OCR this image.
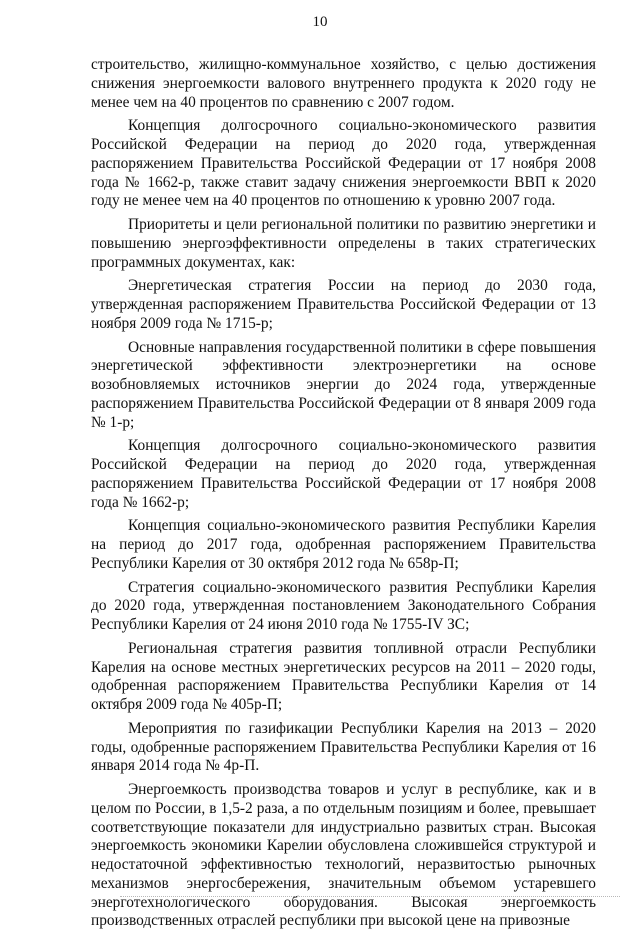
10

строительство, жилищно-коммунальное хозяйство, с целью достижения снижения энергоемкости валового внутреннего продукта к 2020 году не менее чем на 40 процентов по сравнению с 2007 годом.

Концепция долгосрочного социально-экономического развития Российской Федерации на период до 2020 года, утвержденная распоряжением Правительства Российской Федерации от 17 ноября 2008 года № 1662-р, также ставит задачу снижения энергоемкости ВВП к 2020 году не менее чем на 40 процентов по отношению к уровню 2007 года.

Приоритеты и цели региональной политики по развитию энергетики и повышению энергоэффективности определены в таких стратегических программных документах, как:

Энергетическая стратегия России на период до 2030 года, утвержденная распоряжением Правительства Российской Федерации от 13 ноября 2009 года № 1715-р;

Основные направления государственной политики в сфере повышения энергетической эффективности электроэнергетики на основе возобновляемых источников энергии до 2024 года, утвержденные распоряжением Правительства Российской Федерации от 8 января 2009 года № 1-р;

Концепция долгосрочного социально-экономического развития Российской Федерации на период до 2020 года, утвержденная распоряжением Правительства Российской Федерации от 17 ноября 2008 года № 1662-р;

Концепция социально-экономического развития Республики Карелия на период до 2017 года, одобренная распоряжением Правительства Республики Карелия от 30 октября 2012 года № 658р-П;

Стратегия социально-экономического развития Республики Карелия до 2020 года, утвержденная постановлением Законодательного Собрания Республики Карелия от 24 июня 2010 года № 1755-IV ЗС;

Региональная стратегия развития топливной отрасли Республики Карелия на основе местных энергетических ресурсов на 2011 – 2020 годы, одобренная распоряжением Правительства Республики Карелия от 14 октября 2009 года № 405р-П;

Мероприятия по газификации Республики Карелия на 2013 – 2020 годы, одобренные распоряжением Правительства Республики Карелия от 16 января 2014 года № 4р-П.

Энергоемкость производства товаров и услуг в республике, как и в целом по России, в 1,5-2 раза, а по отдельным позициям и более, превышает соответствующие показатели для индустриально развитых стран. Высокая энергоемкость экономики Карелии обусловлена сложившейся структурой и недостаточной эффективностью технологий, неразвитостью рыночных механизмов энергосбережения, значительным объемом устаревшего энерготехнологического оборудования. Высокая энергоемкость производственных отраслей республики при высокой цене на привозные
